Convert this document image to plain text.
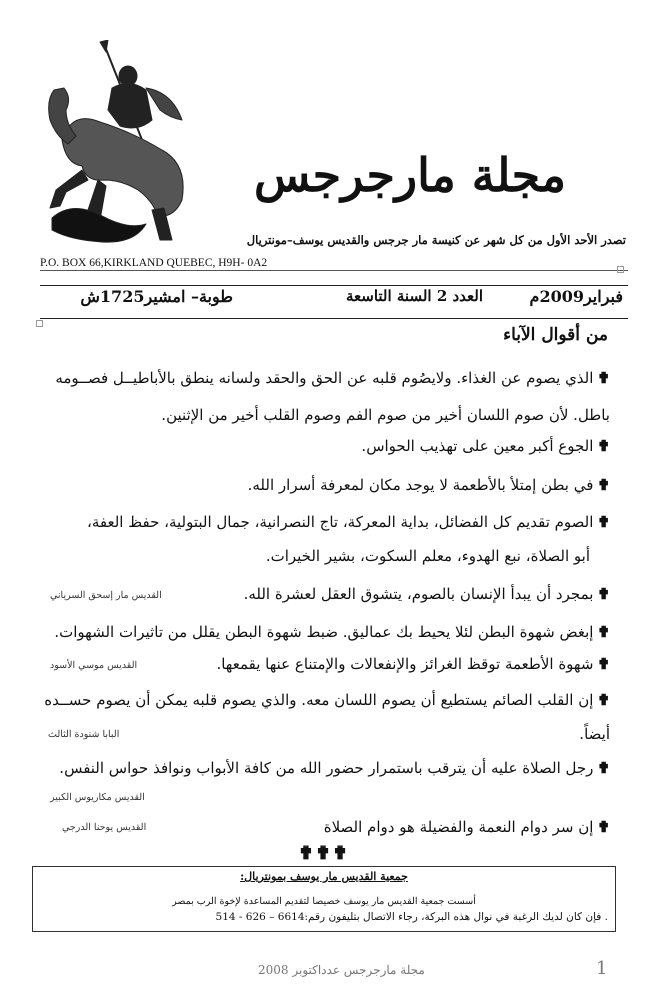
مجلة مارجرجس
تصدر الأحد الأول من كل شهر عن كنيسة مار جرجس والقديس يوسف–مونتريال
P.O. BOX 66,KIRKLAND QUEBEC, H9H- 0A2
فبراير2009م
العدد 2 السنة التاسعة
طوبة– امشير1725ش
من أقوال الآباء
✟الذي يصوم عن الغذاء. ولايصُوم قلبه عن الحق والحقد ولسانه ينطق بالأباطيــل فصــومه
باطل. لأن صوم اللسان أخير من صوم الفم وصوم القلب أخير من الإثنين.
✟الجوع أكبر معين على تهذيب الحواس.
✟في بطن إمتلأ بالأطعمة لا يوجد مكان لمعرفة أسرار الله.
✟الصوم تقديم كل الفضائل، بداية المعركة، تاج النصرانية، جمال البتولية، حفظ العفة،
أبو الصلاة، نبع الهدوء، معلم السكوت، بشير الخيرات.
✟بمجرد أن يبدأ الإنسان بالصوم، يتشوق العقل لعشرة الله.
القديس مار إسحق السرياني
✟إبغض شهوة البطن لئلا يحيط بك عماليق. ضبط شهوة البطن يقلل من تاثيرات الشهوات.
✟شهوة الأطعمة توقظ الغرائز والإنفعالات والإمتناع عنها يقمعها.
القديس موسي الأسود
✟إن القلب الصائم يستطيع أن يصوم اللسان معه. والذي يصوم قلبه يمكن أن يصوم حســده
أيضاً.
البابا شنودة الثالث
✟رجل الصلاة عليه أن يترقب باستمرار حضور الله من كافة الأبواب ونوافذ حواس النفس.
القديس مكاريوس الكبير
✟إن سر دوام النعمة والفضيلة هو دوام الصلاة
القديس يوحنا الدرجي
✟✟✟
جمعية القديس مار يوسف بمونتريال:
أسست جمعية القديس مار يوسف خصيصا لتقديم المساعدة لإخوة الرب بمصر
. فإن كان لديك الرغبة في نوال هذه البركة، رجاء الاتصال بتليفون رقم:6614 – 626 - 514
مجلة مارجرجس عدداكتوبر 2008	1
